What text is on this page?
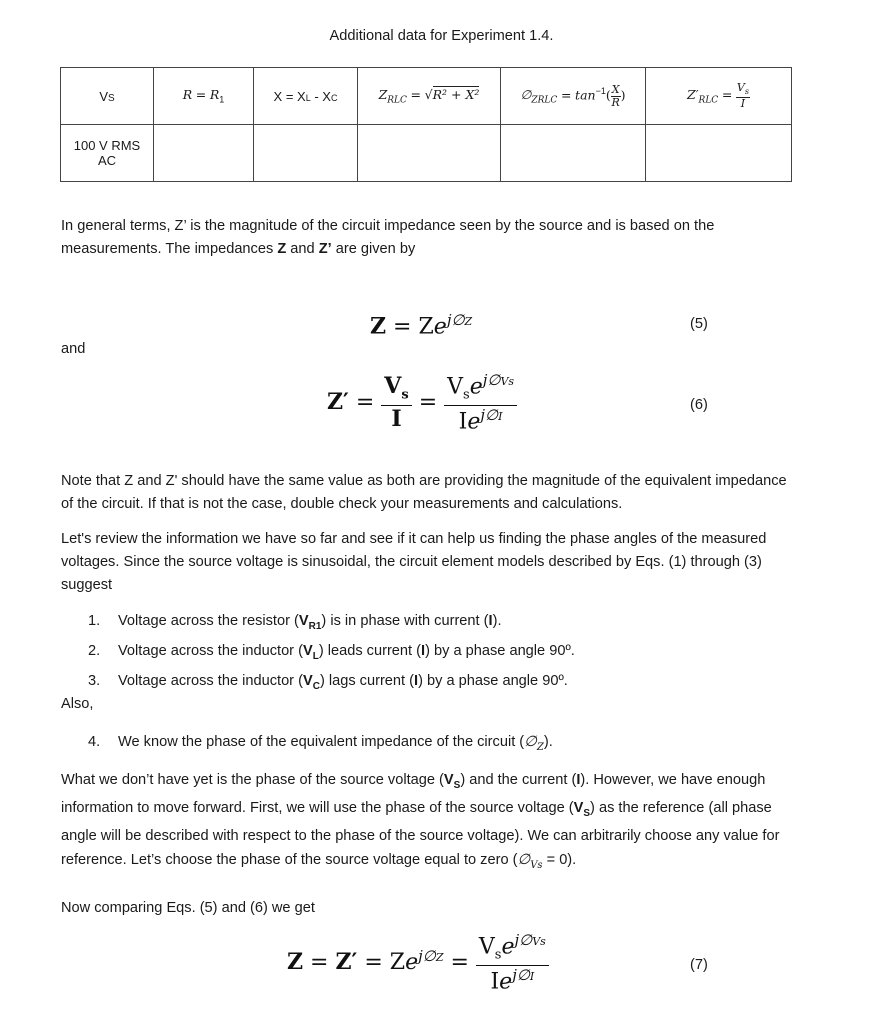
Additional data for Experiment 1.4.
VS	$R = R_1$	X = XL - XC	$Z_{RLC} = √R^2 + X^2$	$\emptyset_{ZRLC} = \tan^{-1}( \frac{X}{R}$ )	$Z'_{RLC} = \frac{V_s}{I}$

100 V RMS AC					

In general terms, Z’ is the magnitude of the circuit impedance seen by the source and is based on the measurements. The impedances Z and Z’ are given by

$Z = Ze^{j\emptyset Z}$	(5)
and
$Z' = \frac{V_s}{I} = \frac{V_se^{j\emptyset Vs}}{Ie^{j\emptyset I}}$	(6)

Note that Z and Z' should have the same value as both are providing the magnitude of the equivalent impedance of the circuit. If that is not the case, double check your measurements and calculations.

Let's review the information we have so far and see if it can help us finding the phase angles of the measured voltages. Since the source voltage is sinusoidal, the circuit element models described by Eqs. (1) through (3) suggest

1. Voltage across the resistor $(V_{R1})$ is in phase with current (I).
2. Voltage across the inductor $(V_L)$ leads current (I) by a phase angle 90º.
3. Voltage across the inductor $(V_C)$ lags current (I) by a phase angle 90º.
Also,
4. We know the phase of the equivalent impedance of the circuit $(\emptyset_Z)$.

What we don’t have yet is the phase of the source voltage $(V_S)$ and the current (I). However, we have enough information to move forward. First, we will use the phase of the source voltage $(V_S)$ as the reference (all phase angle will be described with respect to the phase of the source voltage). We can arbitrarily choose any value for reference. Let’s choose the phase of the source voltage equal to zero $(\emptyset_{Vs} = 0)$.

Now comparing Eqs. (5) and (6) we get
$Z = Z' = Ze^{j\emptyset Z} = \frac{V_se^{j\emptyset Vs}}{Ie^{j\emptyset I}}$	(7)
